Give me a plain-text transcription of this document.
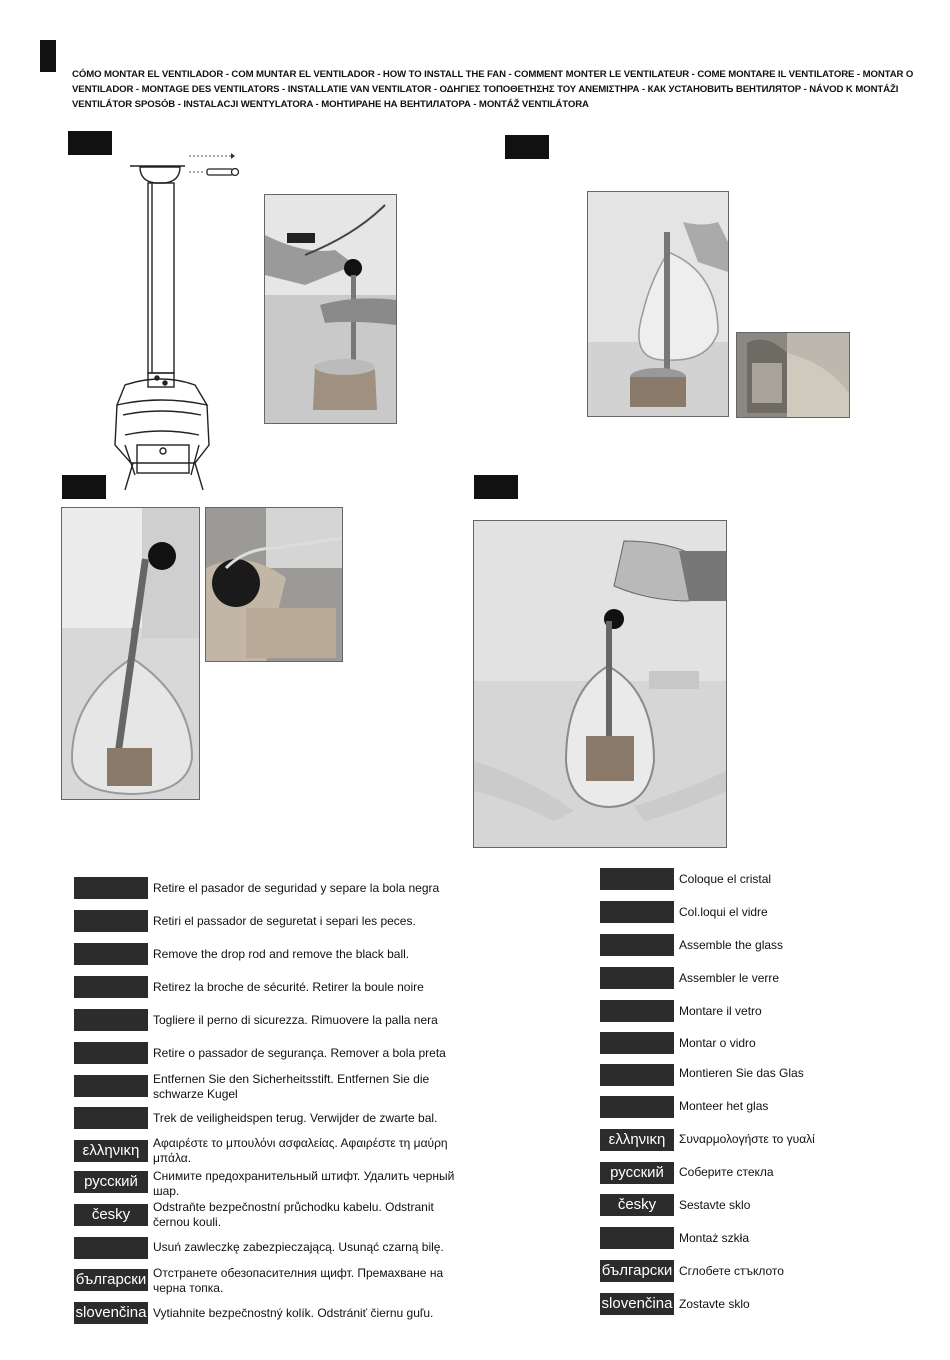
CÓMO MONTAR EL VENTILADOR - COM MUNTAR EL VENTILADOR - HOW TO INSTALL THE FAN - COMMENT MONTER LE VENTILATEUR - COME MONTARE IL VENTILATORE - MONTAR O VENTILADOR - MONTAGE DES VENTILATORS - INSTALLATIE VAN VENTILATOR - ΟΔΗΓΙΕΣ ΤΟΠΟΘΕΤΗΣΗΣ ΤΟΥ ΑΝΕΜΙΣΤΗΡΑ - КАК УСТАНОВИТЬ ВЕНТИЛЯТОР - NÁVOD K MONTÁŽI VENTILÁTOR SPOSÓB - INSTALACJI WENTYLATORA - МОНТИРАНЕ НА ВЕНТИЛАТОРА - MONTÁŽ VENTILÁTORA
Retire el pasador de seguridad y separe la bola negra
Retiri el passador de seguretat i separi les peces.
Remove the drop rod and remove the black ball.
Retirez la broche de sécurité. Retirer la boule noire
Togliere il perno di sicurezza. Rimuovere la palla nera
Retire o passador de segurança. Remover a bola preta
Entfernen Sie den Sicherheitsstift. Entfernen Sie die schwarze Kugel
Trek de veiligheidspen terug. Verwijder de zwarte bal.
ελληνικη	Αφαιρέστε το μπουλόνι ασφαλείας. Αφαιρέστε τη μαύρη μπάλα.
русский	Снимите предохранительный штифт. Удалить черный шар.
česky	Odstraňte bezpečnostní průchodku kabelu. Odstranit černou kouli.
Usuń zawleczkę zabezpieczającą. Usunąć czarną bilę.
български Отстранете обезопасителния щифт. Премахване на черна топка.
slovenčina Vytiahnite bezpečnostný kolík. Odstrániť čiernu guľu.
Coloque el cristal
Col.loqui el vidre
Assemble the glass
Assembler le verre
Montare il vetro
Montar o vidro
Montieren Sie das Glas
Monteer het glas
ελληνικη	Συναρμολογήστε το γυαλί
русский	Соберите стекла
česky	Sestavte sklo
Montaż szkła
български Сглобете стъклото
slovenčina Zostavte sklo
